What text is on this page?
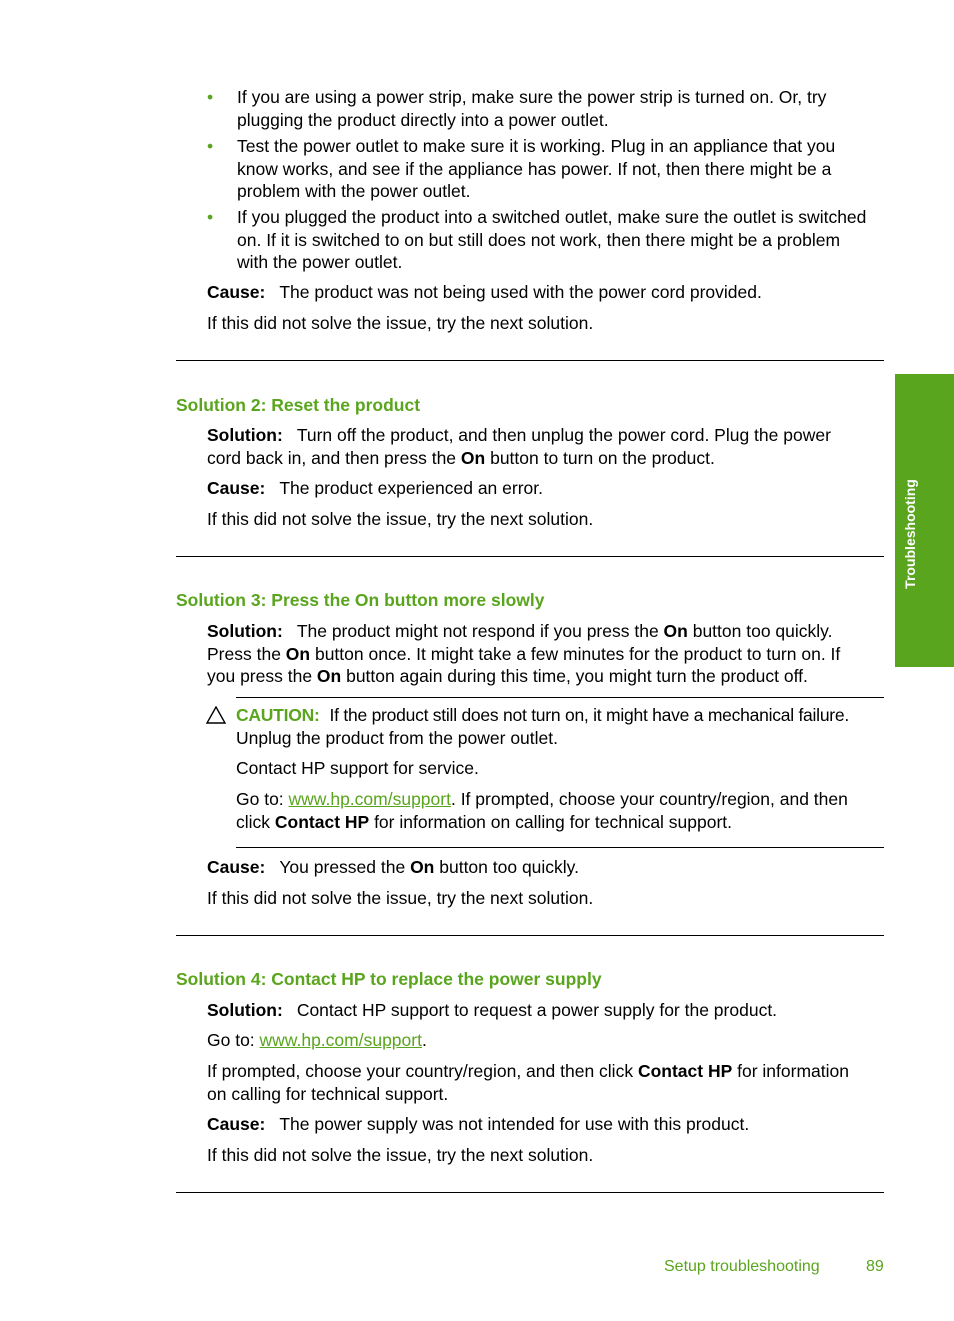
• If you are using a power strip, make sure the power strip is turned on. Or, try
plugging the product directly into a power outlet.
• Test the power outlet to make sure it is working. Plug in an appliance that you
know works, and see if the appliance has power. If not, then there might be a
problem with the power outlet.
• If you plugged the product into a switched outlet, make sure the outlet is switched
on. If it is switched to on but still does not work, then there might be a problem
with the power outlet.
Cause: The product was not being used with the power cord provided.
If this did not solve the issue, try the next solution.
Solution 2: Reset the product
Solution: Turn off the product, and then unplug the power cord. Plug the power
cord back in, and then press the On button to turn on the product.
Cause: The product experienced an error.
If this did not solve the issue, try the next solution.
Solution 3: Press the On button more slowly
Solution: The product might not respond if you press the On button too quickly.
Press the On button once. It might take a few minutes for the product to turn on. If
you press the On button again during this time, you might turn the product off.
CAUTION: If the product still does not turn on, it might have a mechanical failure.
Unplug the product from the power outlet.
Contact HP support for service.
Go to: www.hp.com/support. If prompted, choose your country/region, and then
click Contact HP for information on calling for technical support.
Cause: You pressed the On button too quickly.
If this did not solve the issue, try the next solution.
Solution 4: Contact HP to replace the power supply
Solution: Contact HP support to request a power supply for the product.
Go to: www.hp.com/support.
If prompted, choose your country/region, and then click Contact HP for information
on calling for technical support.
Cause: The power supply was not intended for use with this product.
If this did not solve the issue, try the next solution.
Troubleshooting
Setup troubleshooting	89
